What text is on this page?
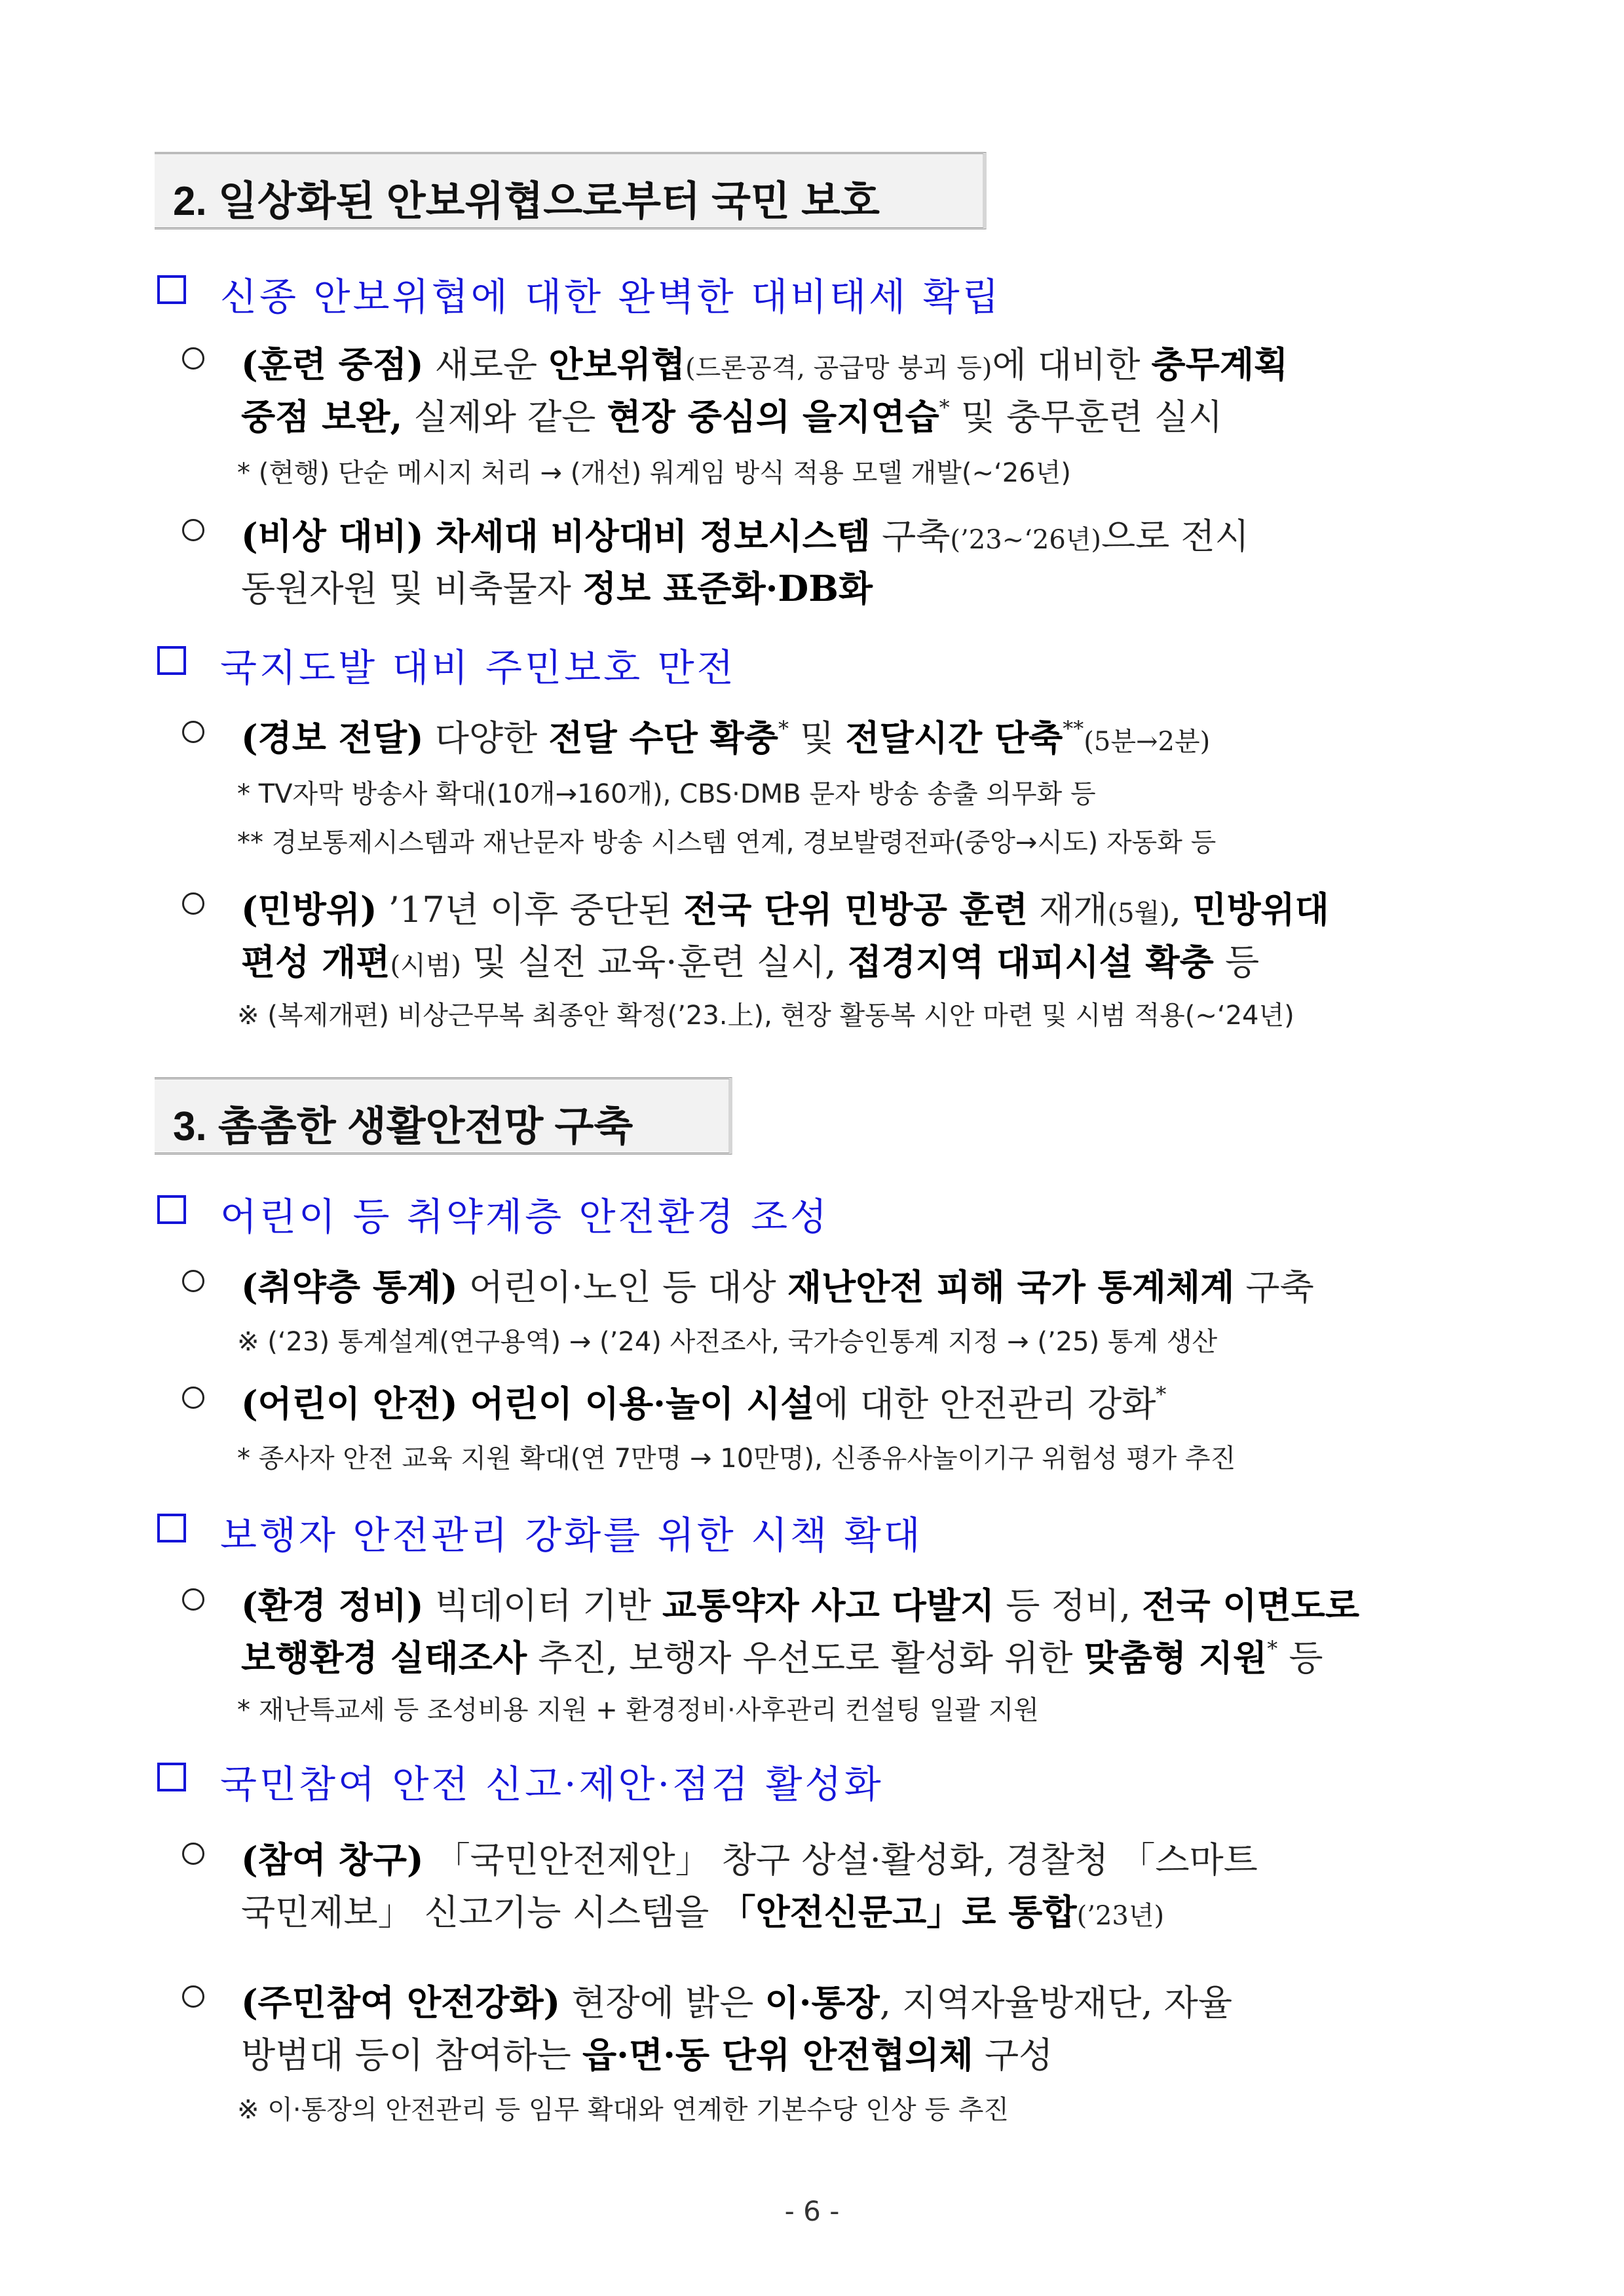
2. 일상화된 안보위협으로부터 국민 보호
신종 안보위협에 대한 완벽한 대비태세 확립
(훈련 중점) 새로운 안보위협(드론공격, 공급망 붕괴 등)에 대비한 충무계획
중점 보완, 실제와 같은 현장 중심의 을지연습* 및 충무훈련 실시
* (현행) 단순 메시지 처리 → (개선) 워게임 방식 적용 모델 개발(~‘26년)
(비상 대비) 차세대 비상대비 정보시스템 구축(’23~‘26년)으로 전시
동원자원 및 비축물자 정보 표준화·DB화
국지도발 대비 주민보호 만전
(경보 전달) 다양한 전달 수단 확충* 및 전달시간 단축**(5분→2분)
* TV자막 방송사 확대(10개→160개), CBS·DMB 문자 방송 송출 의무화 등
** 경보통제시스템과 재난문자 방송 시스템 연계, 경보발령전파(중앙→시도) 자동화 등
(민방위) ’17년 이후 중단된 전국 단위 민방공 훈련 재개(5월), 민방위대
편성 개편(시범) 및 실전 교육·훈련 실시, 접경지역 대피시설 확충 등
※ (복제개편) 비상근무복 최종안 확정(’23.上), 현장 활동복 시안 마련 및 시범 적용(~‘24년)
3. 촘촘한 생활안전망 구축
어린이 등 취약계층 안전환경 조성
(취약층 통계) 어린이·노인 등 대상 재난안전 피해 국가 통계체계 구축
※ (‘23) 통계설계(연구용역) → (’24) 사전조사, 국가승인통계 지정 → (’25) 통계 생산
(어린이 안전) 어린이 이용·놀이 시설에 대한 안전관리 강화*
* 종사자 안전 교육 지원 확대(연 7만명 → 10만명), 신종유사놀이기구 위험성 평가 추진
보행자 안전관리 강화를 위한 시책 확대
(환경 정비) 빅데이터 기반 교통약자 사고 다발지 등 정비, 전국 이면도로
보행환경 실태조사 추진, 보행자 우선도로 활성화 위한 맞춤형 지원* 등
* 재난특교세 등 조성비용 지원 + 환경정비·사후관리 컨설팅 일괄 지원
국민참여 안전 신고·제안·점검 활성화
(참여 창구) 「국민안전제안」 창구 상설·활성화, 경찰청 「스마트
국민제보」 신고기능 시스템을 「안전신문고」로 통합(’23년)
(주민참여 안전강화) 현장에 밝은 이·통장, 지역자율방재단, 자율
방범대 등이 참여하는 읍·면·동 단위 안전협의체 구성
※ 이·통장의 안전관리 등 임무 확대와 연계한 기본수당 인상 등 추진
- 6 -
